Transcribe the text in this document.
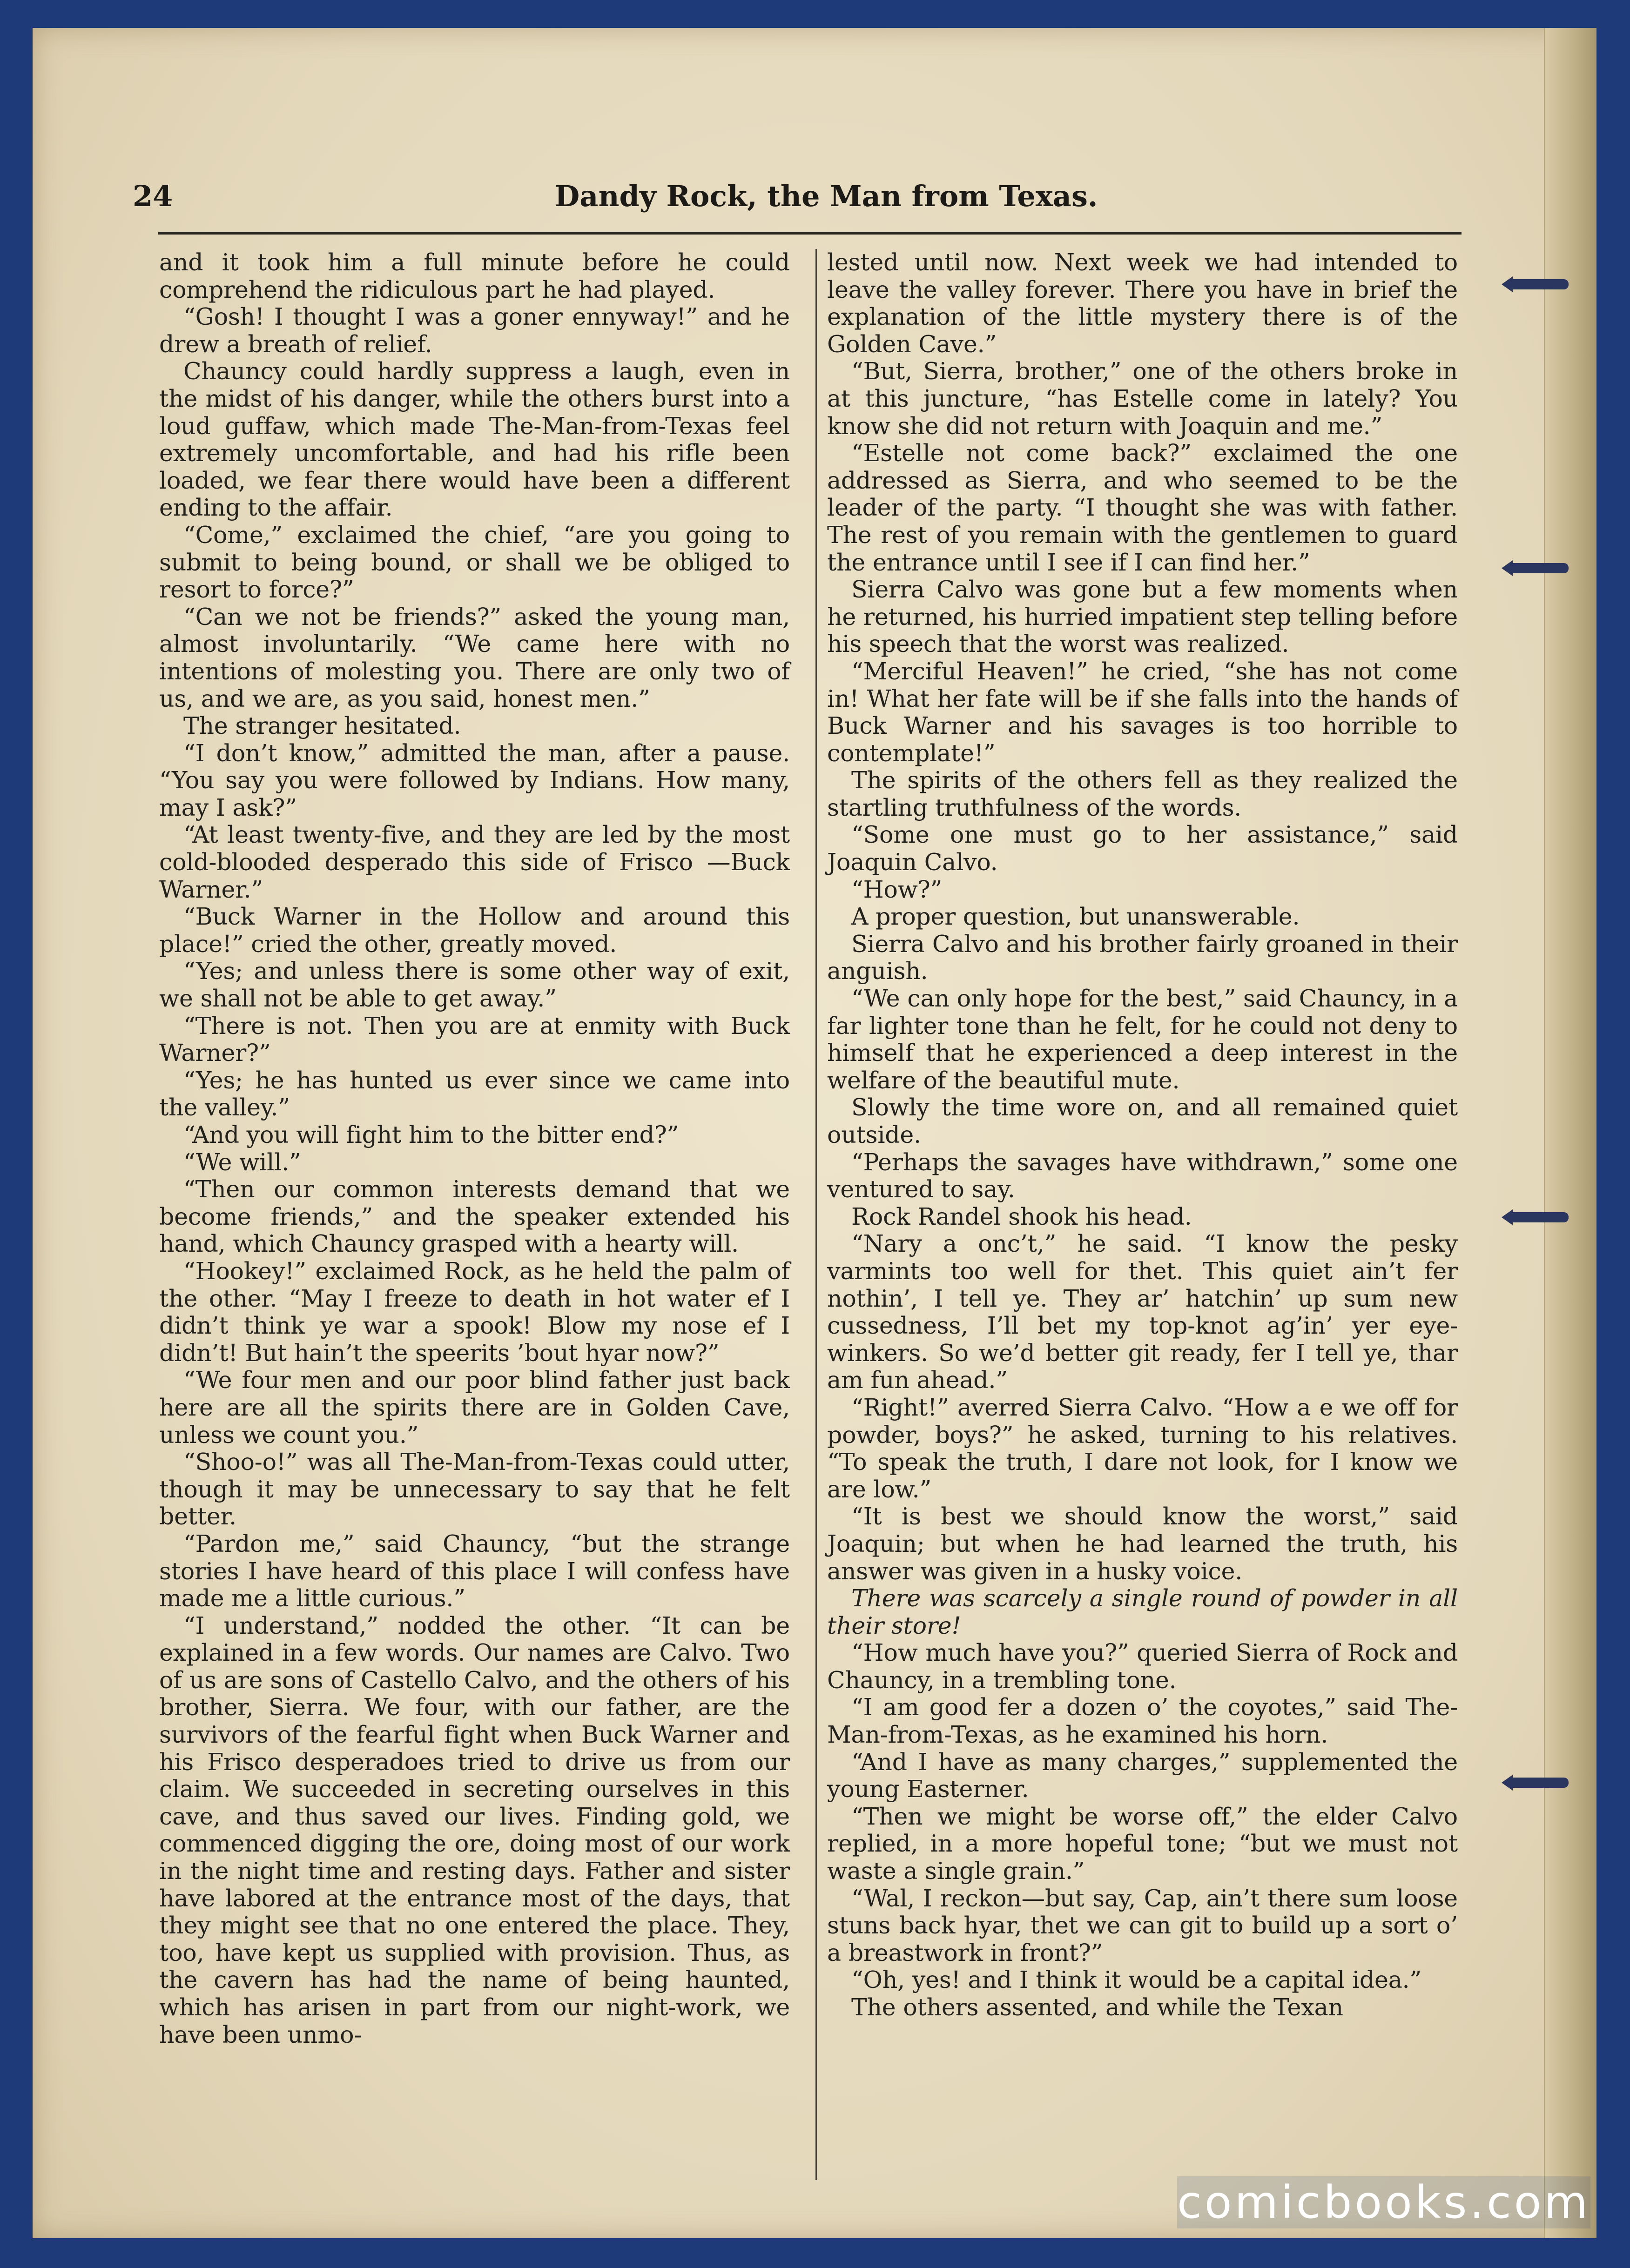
24	Dandy Rock, the Man from Texas.

and it took him a full minute before he could comprehend the ridiculous part he had played.

“Gosh! I thought I was a goner ennyway!” and he drew a breath of relief.

Chauncy could hardly suppress a laugh, even in the midst of his danger, while the others burst into a loud guffaw, which made The-Man-from-Texas feel extremely uncomfortable, and had his rifle been loaded, we fear there would have been a different ending to the affair.

“Come,” exclaimed the chief, “are you going to submit to being bound, or shall we be obliged to resort to force?”

“Can we not be friends?” asked the young man, almost involuntarily. “We came here with no intentions of molesting you. There are only two of us, and we are, as you said, honest men.”

The stranger hesitated.

“I don’t know,” admitted the man, after a pause. “You say you were followed by Indians. How many, may I ask?”

“At least twenty-five, and they are led by the most cold-blooded desperado this side of Frisco —Buck Warner.”

“Buck Warner in the Hollow and around this place!” cried the other, greatly moved.

“Yes; and unless there is some other way of exit, we shall not be able to get away.”

“There is not. Then you are at enmity with Buck Warner?”

“Yes; he has hunted us ever since we came into the valley.”

“And you will fight him to the bitter end?”

“We will.”

“Then our common interests demand that we become friends,” and the speaker extended his hand, which Chauncy grasped with a hearty will.

“Hookey!” exclaimed Rock, as he held the palm of the other. “May I freeze to death in hot water ef I didn’t think ye war a spook! Blow my nose ef I didn’t! But hain’t the speerits ’bout hyar now?”

“We four men and our poor blind father just back here are all the spirits there are in Golden Cave, unless we count you.”

“Shoo-o!” was all The-Man-from-Texas could utter, though it may be unnecessary to say that he felt better.

“Pardon me,” said Chauncy, “but the strange stories I have heard of this place I will confess have made me a little curious.”

“I understand,” nodded the other. “It can be explained in a few words. Our names are Calvo. Two of us are sons of Castello Calvo, and the others of his brother, Sierra. We four, with our father, are the survivors of the fearful fight when Buck Warner and his Frisco desperadoes tried to drive us from our claim. We succeeded in secreting ourselves in this cave, and thus saved our lives. Finding gold, we commenced digging the ore, doing most of our work in the night time and resting days. Father and sister have labored at the entrance most of the days, that they might see that no one entered the place. They, too, have kept us supplied with provision. Thus, as the cavern has had the name of being haunted, which has arisen in part from our night-work, we have been unmo-

lested until now. Next week we had intended to leave the valley forever. There you have in brief the explanation of the little mystery there is of the Golden Cave.”

“But, Sierra, brother,” one of the others broke in at this juncture, “has Estelle come in lately? You know she did not return with Joaquin and me.”

“Estelle not come back?” exclaimed the one addressed as Sierra, and who seemed to be the leader of the party. “I thought she was with father. The rest of you remain with the gentlemen to guard the entrance until I see if I can find her.”

Sierra Calvo was gone but a few moments when he returned, his hurried impatient step telling before his speech that the worst was realized.

“Merciful Heaven!” he cried, “she has not come in! What her fate will be if she falls into the hands of Buck Warner and his savages is too horrible to contemplate!”

The spirits of the others fell as they realized the startling truthfulness of the words.

“Some one must go to her assistance,” said Joaquin Calvo.

“How?”

A proper question, but unanswerable.

Sierra Calvo and his brother fairly groaned in their anguish.

“We can only hope for the best,” said Chauncy, in a far lighter tone than he felt, for he could not deny to himself that he experienced a deep interest in the welfare of the beautiful mute.

Slowly the time wore on, and all remained quiet outside.

“Perhaps the savages have withdrawn,” some one ventured to say.

Rock Randel shook his head.

“Nary a onc’t,” he said. “I know the pesky varmints too well for thet. This quiet ain’t fer nothin’, I tell ye. They ar’ hatchin’ up sum new cussedness, I’ll bet my top-knot ag’in’ yer eye-winkers. So we’d better git ready, fer I tell ye, thar am fun ahead.”

“Right!” averred Sierra Calvo. “How a e we off for powder, boys?” he asked, turning to his relatives. “To speak the truth, I dare not look, for I know we are low.”

“It is best we should know the worst,” said Joaquin; but when he had learned the truth, his answer was given in a husky voice.

There was scarcely a single round of powder in all their store!

“How much have you?” queried Sierra of Rock and Chauncy, in a trembling tone.

“I am good fer a dozen o’ the coyotes,” said The-Man-from-Texas, as he examined his horn.

“And I have as many charges,” supplemented the young Easterner.

“Then we might be worse off,” the elder Calvo replied, in a more hopeful tone; “but we must not waste a single grain.”

“Wal, I reckon—but say, Cap, ain’t there sum loose stuns back hyar, thet we can git to build up a sort o’ a breastwork in front?”

“Oh, yes! and I think it would be a capital idea.”

The others assented, and while the Texan

comicbooks.com
